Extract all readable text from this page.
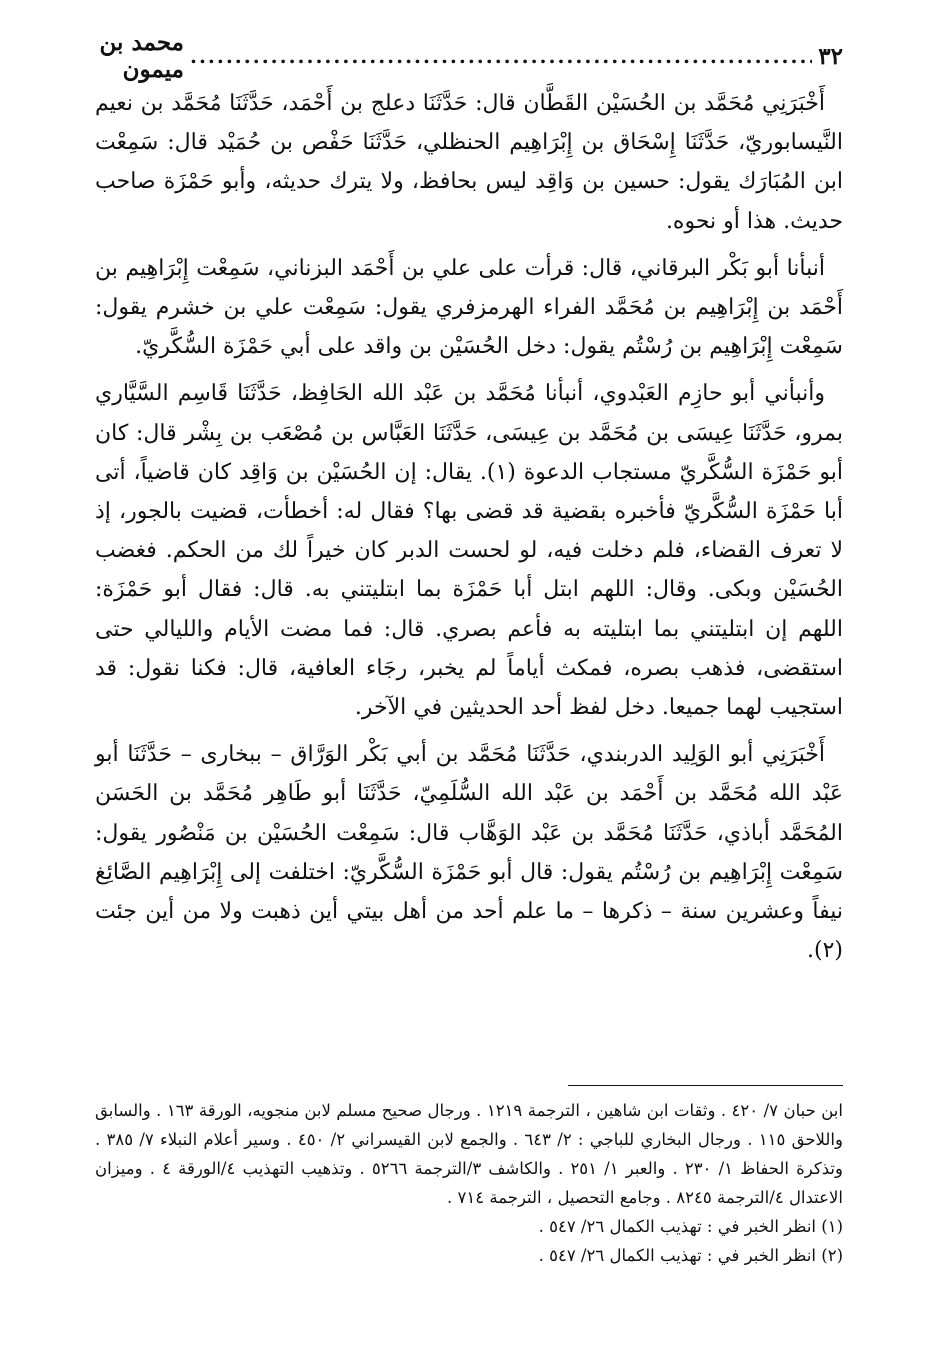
٣٢
.....
محمد بن ميمون

أَخْبَرَنِي مُحَمَّد بن الحُسَيْن القَطَّان قال: حَدَّثَنَا دعلج بن أَحْمَد، حَدَّثَنَا مُحَمَّد بن نعيم النَّيسابوريّ، حَدَّثَنَا إِسْحَاق بن إِبْرَاهِيم الحنظلي، حَدَّثَنَا حَفْص بن حُمَيْد قال: سَمِعْت ابن المُبَارَك يقول: حسين بن وَاقِد ليس بحافظ، ولا يترك حديثه، وأبو حَمْزَة صاحب حديث. هذا أو نحوه.

أنبأنا أبو بَكْر البرقاني، قال: قرأت على علي بن أَحْمَد البزناني، سَمِعْت إِبْرَاهِيم بن أَحْمَد بن إِبْرَاهِيم بن مُحَمَّد الفراء الهرمزفري يقول: سَمِعْت علي بن خشرم يقول: سَمِعْت إِبْرَاهِيم بن رُسْتُم يقول: دخل الحُسَيْن بن واقد على أبي حَمْزَة السُّكَّريّ.

وأنبأني أبو حازِم العَبْدوي، أنبأنا مُحَمَّد بن عَبْد الله الحَافِظ، حَدَّثَنَا قَاسِم السَّيَّاري بمرو، حَدَّثَنَا عِيسَى بن مُحَمَّد بن عِيسَى، حَدَّثَنَا العَبَّاس بن مُصْعَب بن بِشْر قال: كان أبو حَمْزَة السُّكَّريّ مستجاب الدعوة (١). يقال: إن الحُسَيْن بن وَاقِد كان قاضياً، أتى أبا حَمْزَة السُّكَّريّ فأخبره بقضية قد قضى بها؟ فقال له: أخطأت، قضيت بالجور، إذ لا تعرف القضاء، فلم دخلت فيه، لو لحست الدبر كان خيراً لك من الحكم. فغضب الحُسَيْن وبكى. وقال: اللهم ابتل أبا حَمْزَة بما ابتليتني به. قال: فقال أبو حَمْزَة: اللهم إن ابتليتني بما ابتليته به فأعم بصري. قال: فما مضت الأيام والليالي حتى استقضى، فذهب بصره، فمكث أياماً لم يخبر، رجَاء العافية، قال: فكنا نقول: قد استجيب لهما جميعا. دخل لفظ أحد الحديثين في الآخر.

أَخْبَرَنِي أبو الوَلِيد الدربندي، حَدَّثَنَا مُحَمَّد بن أبي بَكْر الوَرَّاق – ببخارى – حَدَّثَنَا أبو عَبْد الله مُحَمَّد بن أَحْمَد بن عَبْد الله السُّلَمِيّ، حَدَّثَنَا أبو طَاهِر مُحَمَّد بن الحَسَن المُحَمَّد أباذي، حَدَّثَنَا مُحَمَّد بن عَبْد الوَهَّاب قال: سَمِعْت الحُسَيْن بن مَنْصُور يقول: سَمِعْت إِبْرَاهِيم بن رُسْتُم يقول: قال أبو حَمْزَة السُّكَّريّ: اختلفت إلى إِبْرَاهِيم الصَّائِغ نيفاً وعشرين سنة – ذكرها – ما علم أحد من أهل بيتي أين ذهبت ولا من أين جئت (٢).

ابن حبان ٧/ ٤٢٠ . وثقات ابن شاهين ، الترجمة ١٢١٩ . ورجال صحيح مسلم لابن منجويه، الورقة ١٦٣ . والسابق واللاحق ١١٥ . ورجال البخاري للباجي : ٢/ ٦٤٣ . والجمع لابن القيسراني ٢/ ٤٥٠ . وسير أعلام النبلاء ٧/ ٣٨٥ . وتذكرة الحفاظ ١/ ٢٣٠ . والعبر ١/ ٢٥١ . والكاشف ٣/الترجمة ٥٢٦٦ . وتذهيب التهذيب ٤/الورقة ٤ . وميزان الاعتدال ٤/الترجمة ٨٢٤٥ . وجامع التحصيل ، الترجمة ٧١٤ .

(١) انظر الخبر في : تهذيب الكمال ٢٦/ ٥٤٧ .

(٢) انظر الخبر في : تهذيب الكمال ٢٦/ ٥٤٧ .
